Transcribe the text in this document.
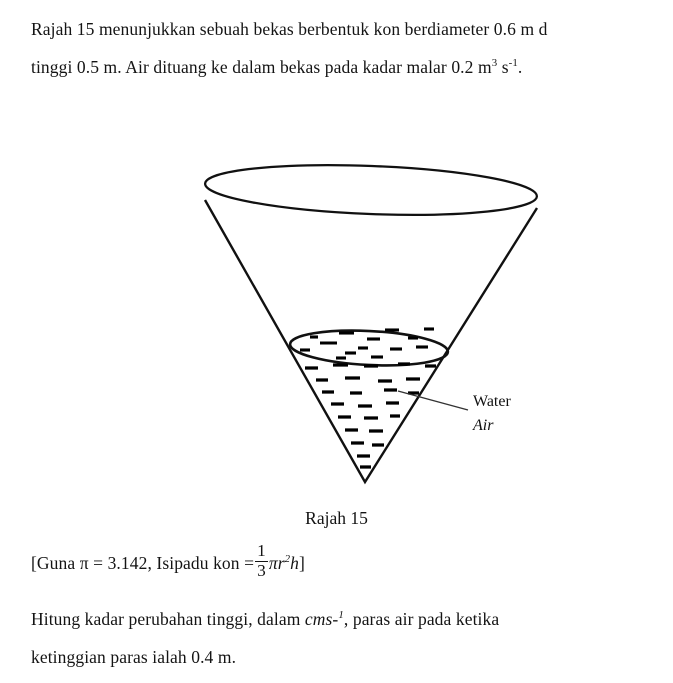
Rajah 15 menunjukkan sebuah bekas berbentuk kon berdiameter 0.6 m d
tinggi 0.5 m. Air dituang ke dalam bekas pada kadar malar 0.2 $m^3$ $s^{-1}$.
Water
Air
Rajah 15
[Guna π = 3.142, Isipadu kon = $\frac{1}{3} \pi r^2h$]
Hitung kadar perubahan tinggi, dalam cms-$^1$, paras air pada ketika
ketinggian paras ialah 0.4 m.
